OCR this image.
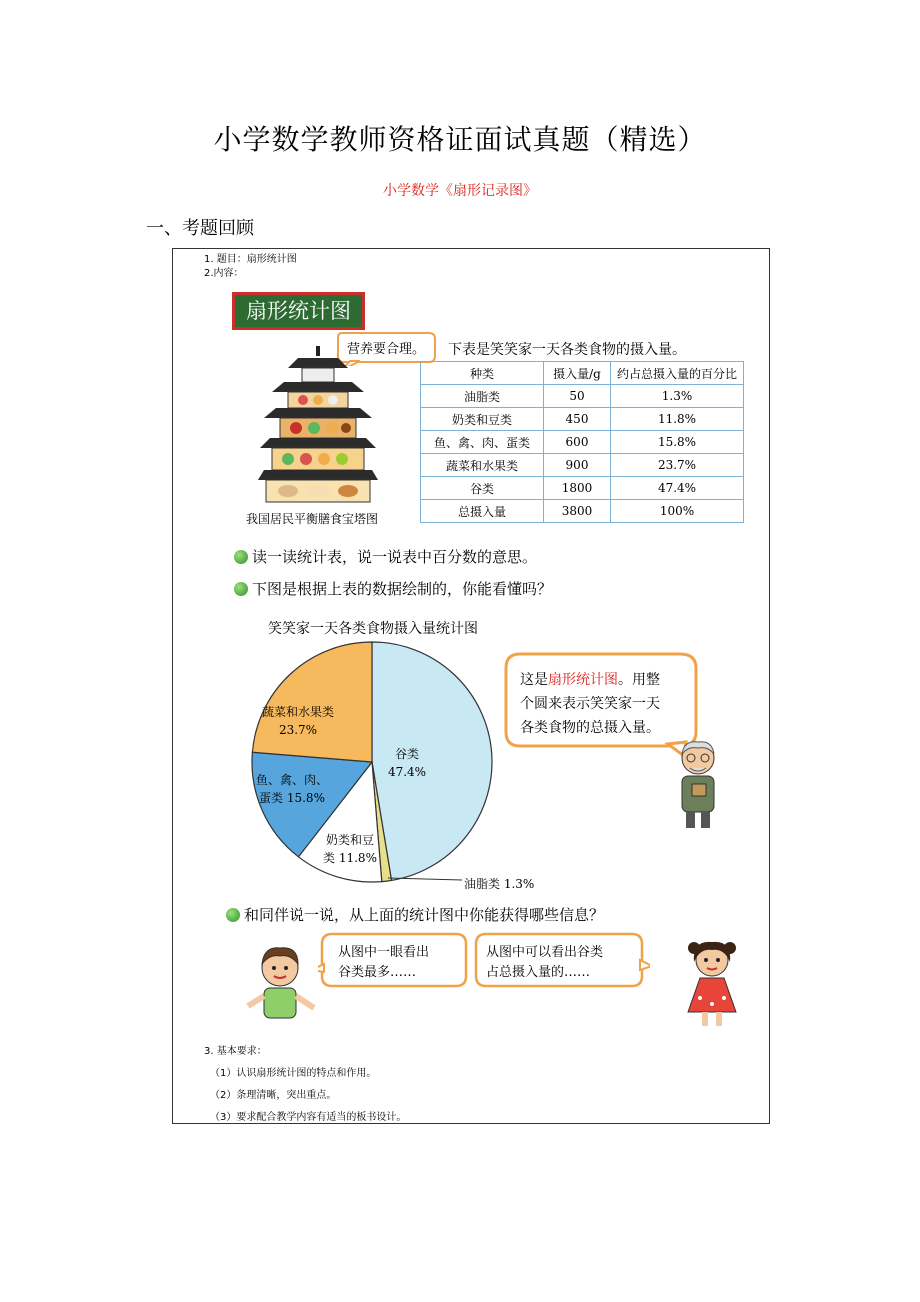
小学数学教师资格证面试真题（精选）
小学数学《扇形记录图》
一、考题回顾
1. 题目：扇形统计图
2.内容：
扇形统计图
营养要合理。 下表是笑笑家一天各类食物的摄入量。
我国居民平衡膳食宝塔图
种类	摄入量/g	约占总摄入量的百分比
油脂类	50	1.3%
奶类和豆类	450	11.8%
鱼、禽、肉、蛋类	600	15.8%
蔬菜和水果类	900	23.7%
谷类	1800	47.4%
总摄入量	3800	100%
读一读统计表，说一说表中百分数的意思。
下图是根据上表的数据绘制的，你能看懂吗？
笑笑家一天各类食物摄入量统计图
谷类
47.4%
蔬菜和水果类
23.7%
鱼、禽、肉、
蛋类 15.8%
奶类和豆
类 11.8%
油脂类 1.3%
这是扇形统计图。用整
个圆来表示笑笑家一天
各类食物的总摄入量。
和同伴说一说，从上面的统计图中你能获得哪些信息？
从图中一眼看出
谷类最多……
从图中可以看出谷类
占总摄入量的……
3. 基本要求：
（1）认识扇形统计图的特点和作用。
（2）条理清晰，突出重点。
（3）要求配合教学内容有适当的板书设计。
